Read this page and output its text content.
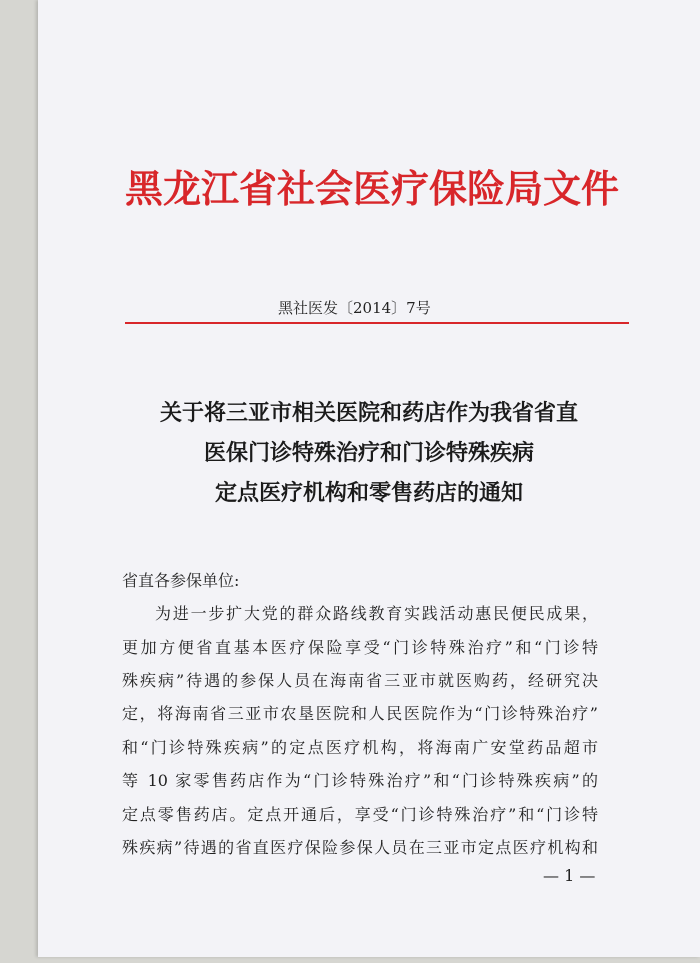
黑龙江省社会医疗保险局文件
黑社医发〔2014〕7号
关于将三亚市相关医院和药店作为我省省直
医保门诊特殊治疗和门诊特殊疾病
定点医疗机构和零售药店的通知
省直各参保单位:
为进一步扩大党的群众路线教育实践活动惠民便民成果，
更加方便省直基本医疗保险享受“门诊特殊治疗”和“门诊特
殊疾病”待遇的参保人员在海南省三亚市就医购药，经研究决
定，将海南省三亚市农垦医院和人民医院作为“门诊特殊治疗”
和“门诊特殊疾病”的定点医疗机构，将海南广安堂药品超市
等 10 家零售药店作为“门诊特殊治疗”和“门诊特殊疾病”的
定点零售药店。定点开通后，享受“门诊特殊治疗”和“门诊特
殊疾病”待遇的省直医疗保险参保人员在三亚市定点医疗机构和
— 1 —
